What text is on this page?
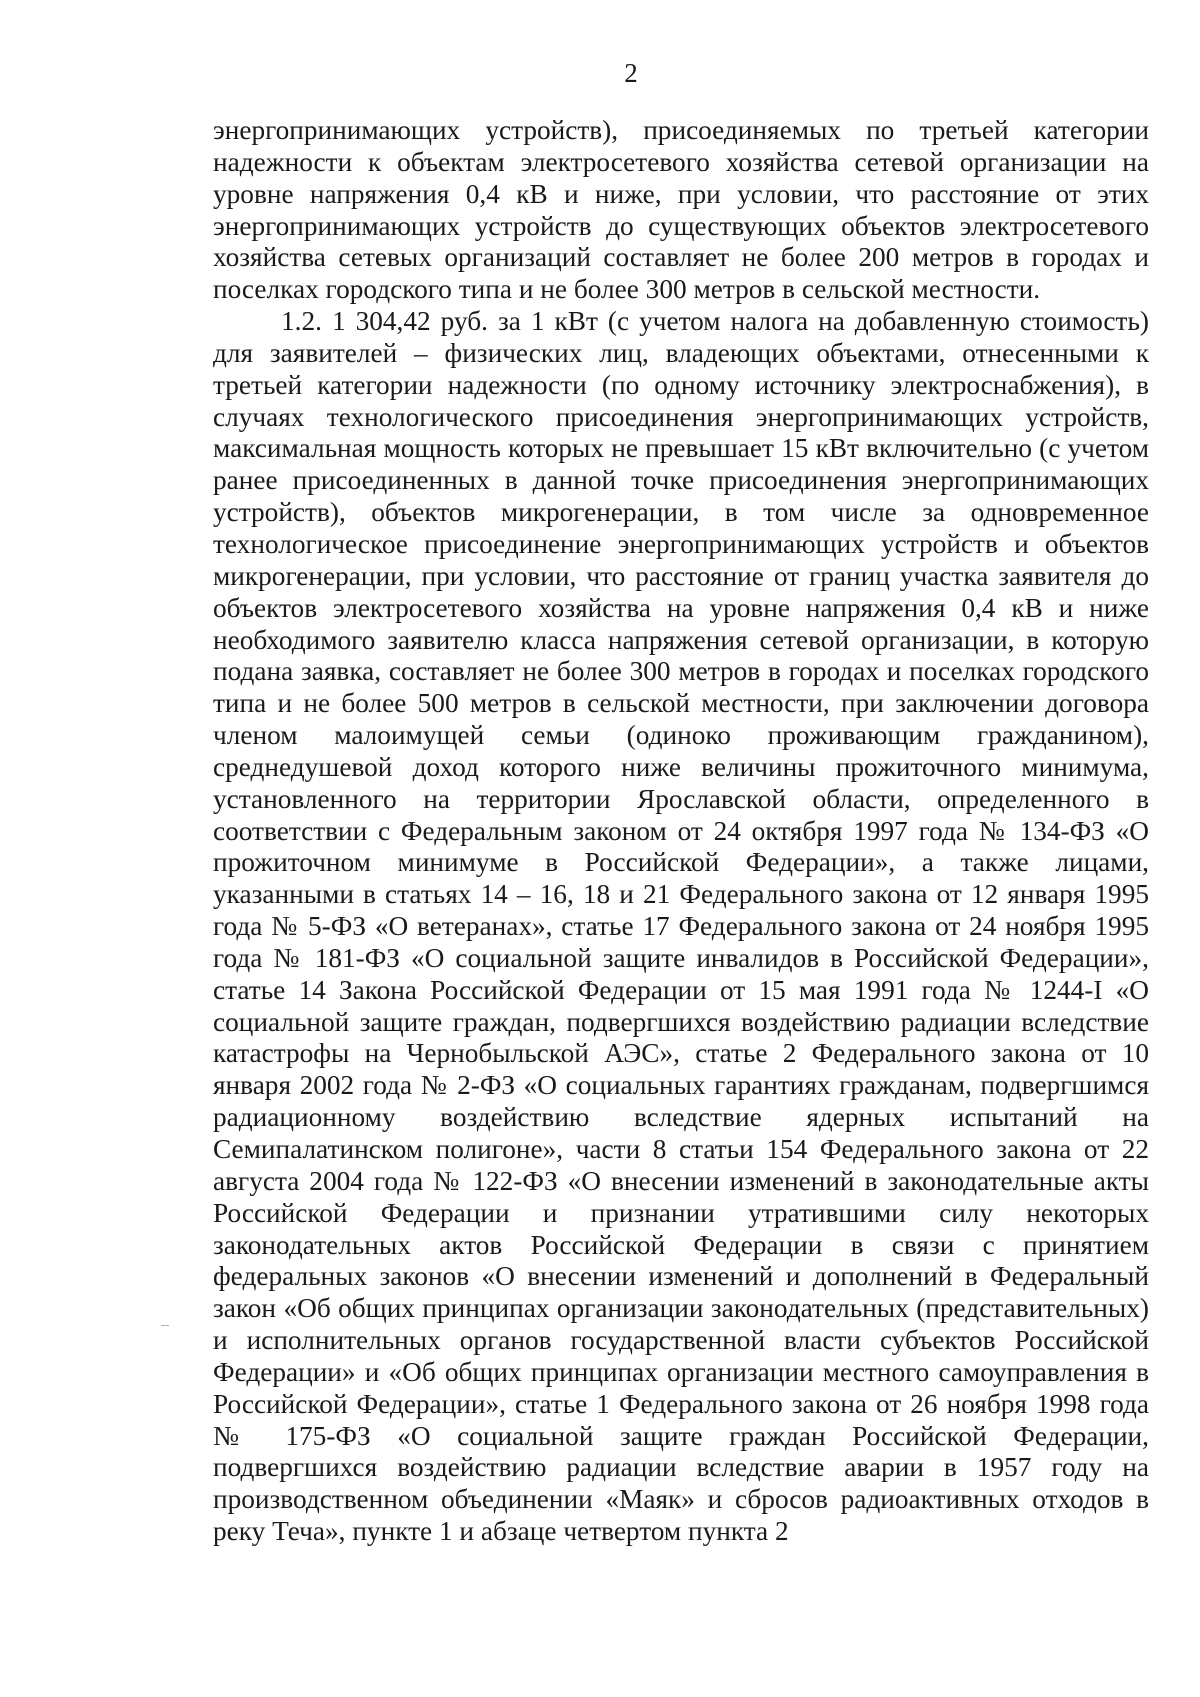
2

энергопринимающих устройств), присоединяемых по третьей категории надежности к объектам электросетевого хозяйства сетевой организации на уровне напряжения 0,4 кВ и ниже, при условии, что расстояние от этих энергопринимающих устройств до существующих объектов электросетевого хозяйства сетевых организаций составляет не более 200 метров в городах и поселках городского типа и не более 300 метров в сельской местности.

1.2. 1 304,42 руб. за 1 кВт (с учетом налога на добавленную стоимость) для заявителей – физических лиц, владеющих объектами, отнесенными к третьей категории надежности (по одному источнику электроснабжения), в случаях технологического присоединения энергопринимающих устройств, максимальная мощность которых не превышает 15 кВт включительно (с учетом ранее присоединенных в данной точке присоединения энергопринимающих устройств), объектов микрогенерации, в том числе за одновременное технологическое присоединение энергопринимающих устройств и объектов микрогенерации, при условии, что расстояние от границ участка заявителя до объектов электросетевого хозяйства на уровне напряжения 0,4 кВ и ниже необходимого заявителю класса напряжения сетевой организации, в которую подана заявка, составляет не более 300 метров в городах и поселках городского типа и не более 500 метров в сельской местности, при заключении договора членом малоимущей семьи (одиноко проживающим гражданином), среднедушевой доход которого ниже величины прожиточного минимума, установленного на территории Ярославской области, определенного в соответствии с Федеральным законом от 24 октября 1997 года № 134-ФЗ «О прожиточном минимуме в Российской Федерации», а также лицами, указанными в статьях 14 – 16, 18 и 21 Федерального закона от 12 января 1995 года № 5-ФЗ «О ветеранах», статье 17 Федерального закона от 24 ноября 1995 года № 181-ФЗ «О социальной защите инвалидов в Российской Федерации», статье 14 Закона Российской Федерации от 15 мая 1991 года № 1244-I «О социальной защите граждан, подвергшихся воздействию радиации вследствие катастрофы на Чернобыльской АЭС», статье 2 Федерального закона от 10 января 2002 года № 2-ФЗ «О социальных гарантиях гражданам, подвергшимся радиационному воздействию вследствие ядерных испытаний на Семипалатинском полигоне», части 8 статьи 154 Федерального закона от 22 августа 2004 года № 122-ФЗ «О внесении изменений в законодательные акты Российской Федерации и признании утратившими силу некоторых законодательных актов Российской Федерации в связи с принятием федеральных законов «О внесении изменений и дополнений в Федеральный закон «Об общих принципах организации законодательных (представительных) и исполнительных органов государственной власти субъектов Российской Федерации» и «Об общих принципах организации местного самоуправления в Российской Федерации», статье 1 Федерального закона от 26 ноября 1998 года № 175-ФЗ «О социальной защите граждан Российской Федерации, подвергшихся воздействию радиации вследствие аварии в 1957 году на производственном объединении «Маяк» и сбросов радиоактивных отходов в реку Теча», пункте 1 и абзаце четвертом пункта 2
